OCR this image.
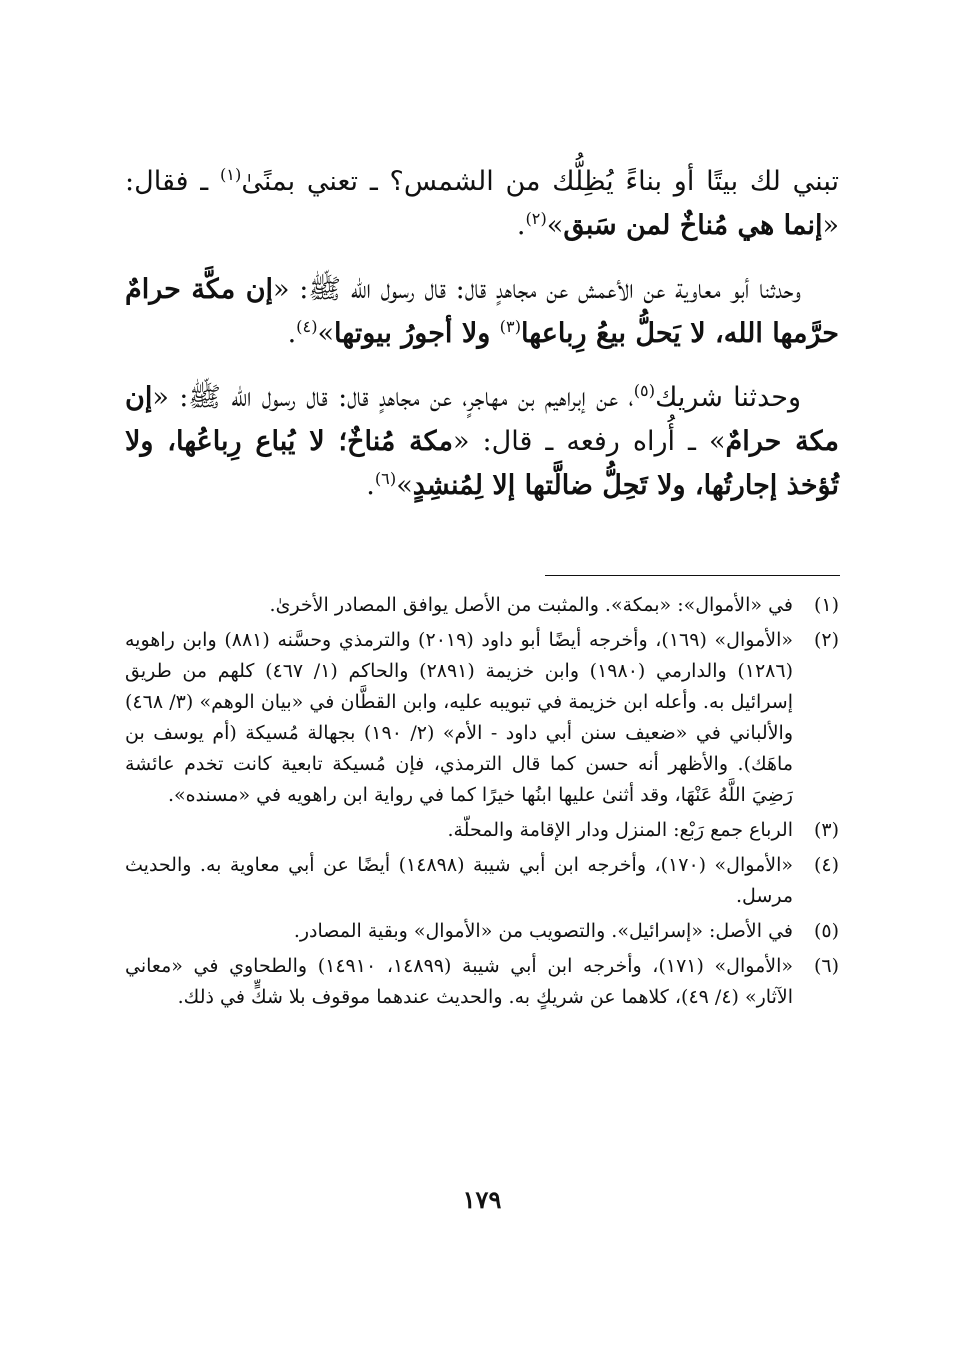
تبني لك بيتًا أو بناءً يُظِلُّك من الشمس؟ ـ تعني بمنًىٰ$^{(١)}$ ـ فقال: «إنما هي مُناخٌ لمن سَبق»$^{(٢)}$.

وحدثنا أبو معاوية عن الأعمش عن مجاهدٍ قال: قال رسول الله ﷺ: «إن مكَّة حرامٌ حرَّمها الله، لا يَحلُّ بيعُ رِباعها$^{(٣)}$ ولا أجورُ بيوتها»$^{(٤)}$.

وحدثنا شريك$^{(٥)}$، عن إبراهيم بن مهاجرٍ، عن مجاهدٍ قال: قال رسول الله ﷺ: «إن مكة حرامٌ» ـ أُراه رفعه ـ قال: «مكة مُناخٌ؛ لا يُباع رِباعُها، ولا تُؤخذ إجارتُها، ولا تَحِلُّ ضالَّتها إلا لِمُنشِدٍ»$^{(٦)}$.

(١)
في «الأموال»: «بمكة». والمثبت من الأصل يوافق المصادر الأخرىٰ.
(٢)
«الأموال» (١٦٩)، وأخرجه أيضًا أبو داود (٢٠١٩) والترمذي وحسَّنه (٨٨١) وابن راهويه (١٢٨٦) والدارمي (١٩٨٠) وابن خزيمة (٢٨٩١) والحاكم (١/ ٤٦٧) كلهم من طريق إسرائيل به. وأعله ابن خزيمة في تبويبه عليه، وابن القطَّان في «بيان الوهم» (٣/ ٤٦٨) والألباني في «ضعيف سنن أبي داود - الأم» (٢/ ١٩٠) بجهالة مُسيكة (أم يوسف بن ماهَك). والأظهر أنه حسن كما قال الترمذي، فإن مُسيكة تابعية كانت تخدم عائشة رَضِيَ اللَّهُ عَنْهَا، وقد أثنىٰ عليها ابنُها خيرًا كما في رواية ابن راهويه في «مسنده».
(٣)
الرباع جمع رَبْع: المنزل ودار الإقامة والمحلّة.
(٤)
«الأموال» (١٧٠)، وأخرجه ابن أبي شيبة (١٤٨٩٨) أيضًا عن أبي معاوية به. والحديث مرسل.
(٥)
في الأصل: «إسرائيل». والتصويب من «الأموال» وبقية المصادر.
(٦)
«الأموال» (١٧١)، وأخرجه ابن أبي شيبة (١٤٨٩٩، ١٤٩١٠) والطحاوي في «معاني الآثار» (٤/ ٤٩)، كلاهما عن شريكٍ به. والحديث عندهما موقوف بلا شكٍّ في ذلك.
١٧٩
